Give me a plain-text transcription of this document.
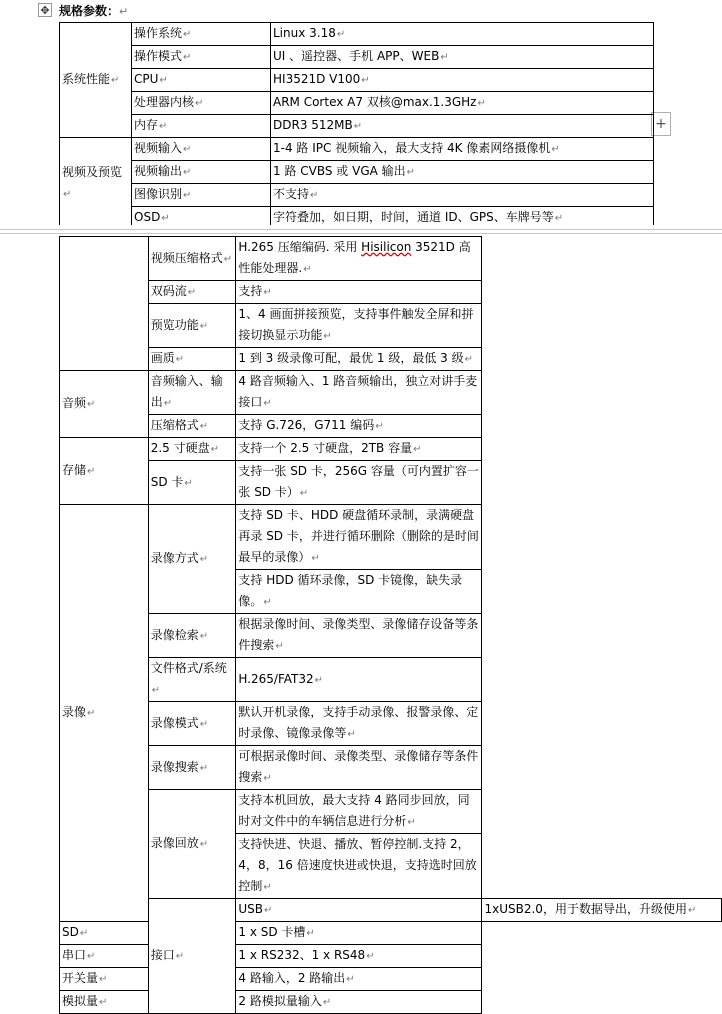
✥ 规格参数：↵
+
系统性能↵	操作系统↵	Linux 3.18↵
	操作模式↵	UI 、遥控器、手机 APP、WEB↵
	CPU↵	HI3521D V100↵
	处理器内核↵	ARM Cortex A7 双核@max.1.3GHz↵
	内存↵	DDR3 512MB↵
视频及预览↵	视频输入↵	1-4 路 IPC 视频输入，最大支持 4K 像素网络摄像机↵
	视频输出↵	1 路 CVBS 或 VGA 输出↵
	图像识别↵	不支持↵
	OSD↵	字符叠加，如日期，时间，通道 ID、GPS、车牌号等↵
	视频压缩格式↵	H.265 压缩编码. 采用 Hisilicon 3521D 高性能处理器.↵	
	双码流↵	支持↵	
	预览功能↵	1、4 画面拼接预览，支持事件触发全屏和拼接切换显示功能↵	
	画质↵	1 到 3 级录像可配，最优 1 级，最低 3 级↵	
音频↵	音频输入、输出↵	4 路音频输入、1 路音频输出，独立对讲手麦接口↵	
	压缩格式↵	支持 G.726，G711 编码↵	
存储↵	2.5 寸硬盘↵	支持一个 2.5 寸硬盘，2TB 容量↵	
	SD 卡↵	支持一张 SD 卡，256G 容量（可内置扩容一张 SD 卡）↵	
录像↵	录像方式↵	支持 SD 卡、HDD 硬盘循环录制，录满硬盘再录 SD 卡，并进行循环删除（删除的是时间最早的录像）↵	
		支持 HDD 循环录像，SD 卡镜像，缺失录像。↵	
	录像检索↵	根据录像时间、录像类型、录像储存设备等条件搜索↵	
	文件格式/系统↵	H.265/FAT32↵	
	录像模式↵	默认开机录像，支持手动录像、报警录像、定时录像、镜像录像等↵	
	录像搜索↵	可根据录像时间、录像类型、录像储存等条件搜索↵	
	录像回放↵	支持本机回放，最大支持 4 路同步回放，同时对文件中的车辆信息进行分析↵	
		支持快进、快退、播放、暂停控制.支持 2，4，8，16 倍速度快进或快退，支持选时回放控制↵	
	接口↵	USB↵	1xUSB2.0，用于数据导出，升级使用↵
SD↵		1 x SD 卡槽↵	
串口↵		1 x RS232、1 x RS48↵	
开关量↵		4 路输入，2 路输出↵	
模拟量↵		2 路模拟量输入↵	
